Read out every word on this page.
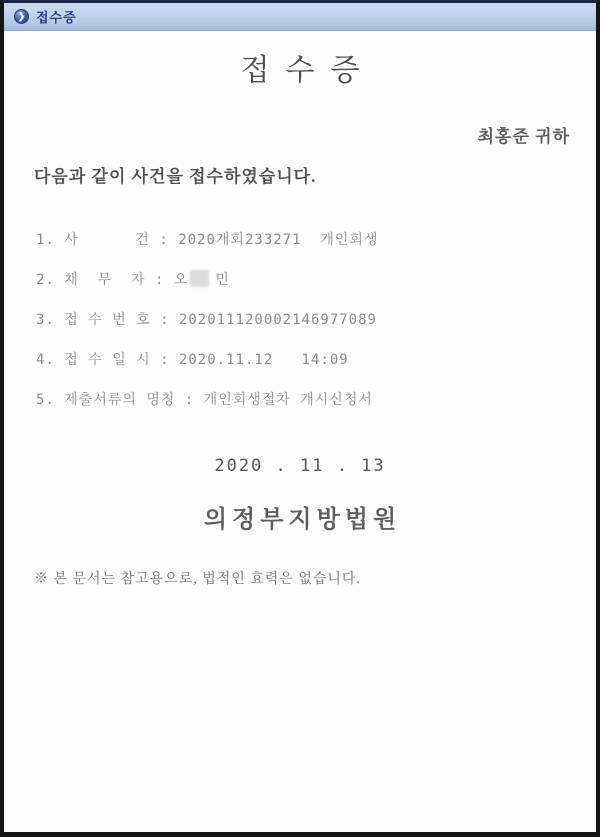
❯ 접수증
접수증
최홍준 귀하
다음과 같이 사건을 접수하였습니다.
1. 사      건 : 2020개회233271  개인회생
2. 채  무  자 : 오 민
3. 접 수 번 호 : 202011120002146977089
4. 접 수 일 시 : 2020.11.12   14:09
5. 제출서류의 명칭 : 개인회생절차 개시신청서
2020 . 11 . 13
의정부지방법원
※ 본 문서는 참고용으로, 법적인 효력은 없습니다.
